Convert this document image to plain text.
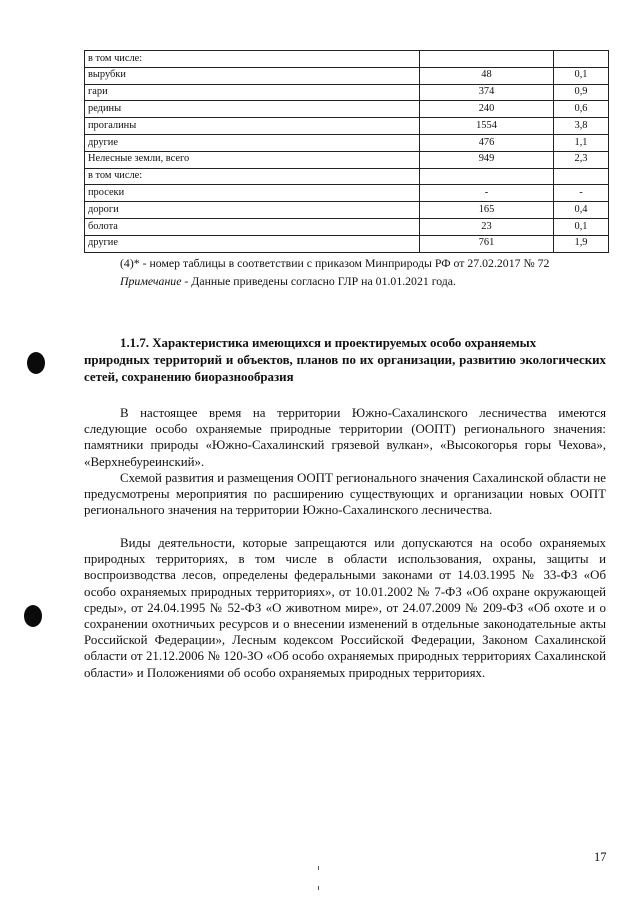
в том числе:		
вырубки	48	0,1
гари	374	0,9
редины	240	0,6
прогалины	1554	3,8
другие	476	1,1
Нелесные земли, всего	949	2,3
в том числе:		
просеки	-	-
дороги	165	0,4
болота	23	0,1
другие	761	1,9
(4)* - номер таблицы в соответствии с приказом Минприроды РФ от 27.02.2017 № 72
Примечание - Данные приведены согласно ГЛР на 01.01.2021 года.
1.1.7. Характеристика имеющихся и проектируемых особо охраняемых
природных территорий и объектов, планов по их организации, развитию экологических сетей, сохранению биоразнообразия

В настоящее время на территории Южно-Сахалинского лесничества имеются следующие особо охраняемые природные территории (ООПТ) регионального значения: памятники природы «Южно-Сахалинский грязевой вулкан», «Высокогорья горы Чехова», «Верхнебуреинский».

Схемой развития и размещения ООПТ регионального значения Сахалинской области не предусмотрены мероприятия по расширению существующих и организации новых ООПТ регионального значения на территории Южно-Сахалинского лесничества.

Виды деятельности, которые запрещаются или допускаются на особо охраняемых природных территориях, в том числе в области использования, охраны, защиты и воспроизводства лесов, определены федеральными законами от 14.03.1995 № 33-ФЗ «Об особо охраняемых природных территориях», от 10.01.2002 № 7-ФЗ «Об охране окружающей среды», от 24.04.1995 № 52-ФЗ «О животном мире», от 24.07.2009 № 209-ФЗ «Об охоте и о сохранении охотничьих ресурсов и о внесении изменений в отдельные законодательные акты Российской Федерации», Лесным кодексом Российской Федерации, Законом Сахалинской области от 21.12.2006 № 120-ЗО «Об особо охраняемых природных территориях Сахалинской области» и Положениями об особо охраняемых природных территориях.

17
